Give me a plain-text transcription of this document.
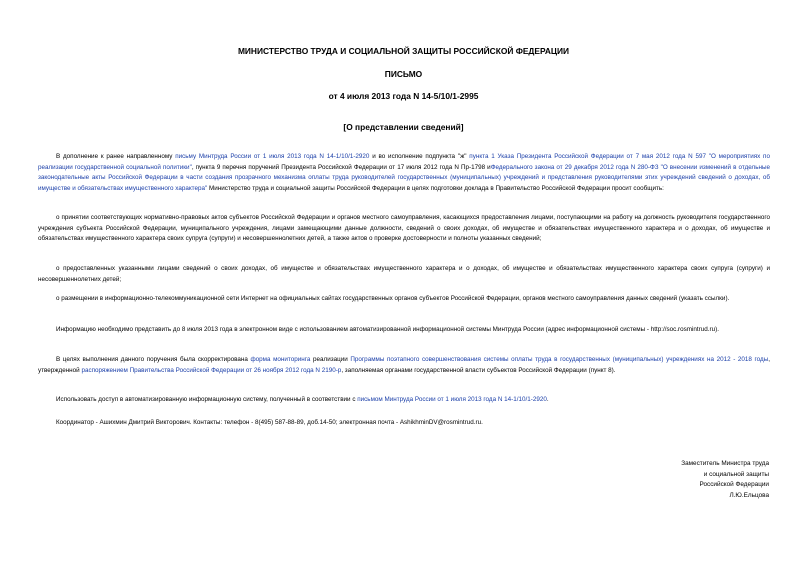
МИНИСТЕРСТВО ТРУДА И СОЦИАЛЬНОЙ ЗАЩИТЫ РОССИЙСКОЙ ФЕДЕРАЦИИ
ПИСЬМО
от 4 июля 2013 года N 14-5/10/1-2995
[О представлении сведений]

В дополнение к ранее направленному письму Минтруда России от 1 июля 2013 года N 14-1/10/1-2920 и во исполнение подпункта "ж" пункта 1 Указа Президента Российской Федерации от 7 мая 2012 года N 597 "О мероприятиях по реализации государственной социальной политики", пункта 9 перечня поручений Президента Российской Федерации от 17 июля 2012 года N Пр-1798 иФедерального закона от 29 декабря 2012 года N 280-ФЗ "О внесении изменений в отдельные законодательные акты Российской Федерации в части создания прозрачного механизма оплаты труда руководителей государственных (муниципальных) учреждений и представления руководителями этих учреждений сведений о доходах, об имуществе и обязательствах имущественного характера" Министерство труда и социальной защиты Российской Федерации в целях подготовки доклада в Правительство Российской Федерации просит сообщить:

о принятии соответствующих нормативно-правовых актов субъектов Российской Федерации и органов местного самоуправления, касающихся предоставления лицами, поступающими на работу на должность руководителя государственного учреждения субъекта Российской Федерации, муниципального учреждения, лицами замещающими данные должности, сведений о своих доходах, об имуществе и обязательствах имущественного характера и о доходах, об имуществе и обязательствах имущественного характера своих супруга (супруги) и несовершеннолетних детей, а также актов о проверке достоверности и полноты указанных сведений;

о предоставленных указанными лицами сведений о своих доходах, об имуществе и обязательствах имущественного характера и о доходах, об имуществе и обязательствах имущественного характера своих супруга (супруги) и несовершеннолетних детей;

о размещении в информационно-телекоммуникационной сети Интернет на официальных сайтах государственных органов субъектов Российской Федерации, органов местного самоуправления данных сведений (указать ссылки).

Информацию необходимо представить до 8 июля 2013 года в электронном виде с использованием автоматизированной информационной системы Минтруда России (адрес информационной системы - http://soc.rosmintrud.ru).

В целях выполнения данного поручения была скорректирована форма мониторинга реализации Программы поэтапного совершенствования системы оплаты труда в государственных (муниципальных) учреждениях на 2012 - 2018 годы, утвержденной распоряжением Правительства Российской Федерации от 26 ноября 2012 года N 2190-р, заполняемая органами государственной власти субъектов Российской Федерации (пункт 8).

Использовать доступ в автоматизированную информационную систему, полученный в соответствии с письмом Минтруда России от 1 июля 2013 года N 14-1/10/1-2920.

Координатор - Ашихмин Дмитрий Викторович. Контакты: телефон - 8(495) 587-88-89, доб.14-50; электронная почта - AshikhminDV@rosmintrud.ru.

Заместитель Министра труда
и социальной защиты
Российской Федерации
Л.Ю.Ельцова
